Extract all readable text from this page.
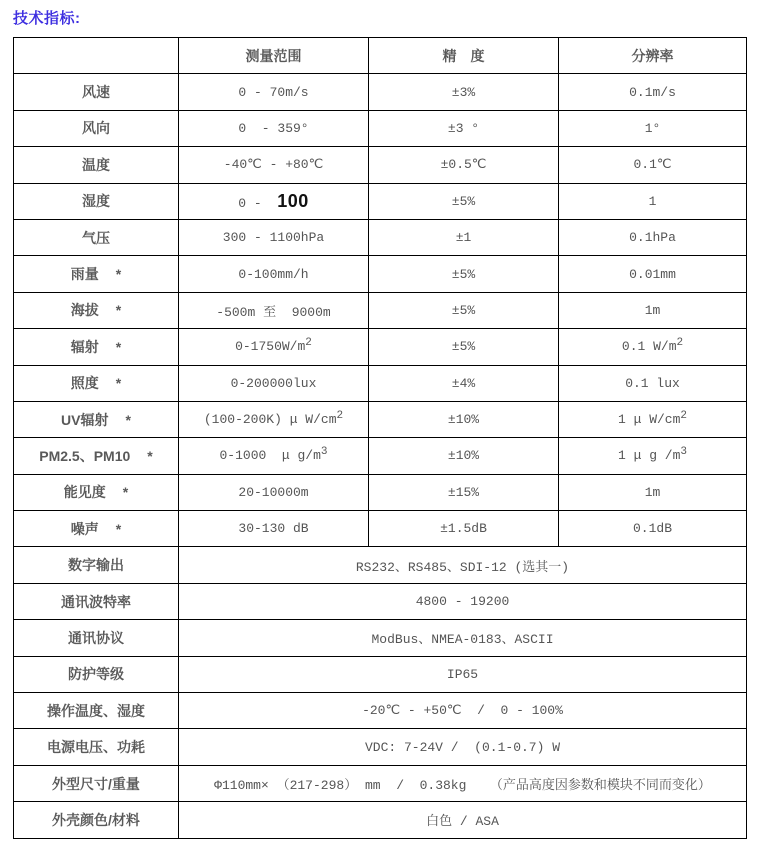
技术指标:
	测量范围	精　度	分辨率
风速	0 - 70m/s	±3%	0.1m/s
风向	0  - 359°	±3 °	1°
温度	-40℃ - +80℃	±0.5℃	0.1℃
湿度	0 -  100	±5%	1
气压	300 - 1100hPa	±1	0.1hPa
雨量 *	0-100mm/h	±5%	0.01mm
海拔 *	-500m 至  9000m	±5%	1m
辐射 *	$0-1750W/m^2$	±5%	0.1 $W/m^2$
照度 *	0-200000lux	±4%	0.1 lux
UV辐射 *	(100-200K) μ $W/cm^2$	±10%	1 μ $W/cm^2$
PM2.5、PM10 *	0-1000  μ $g/m^3$	±10%	1 μ g $/m^3$
能见度 *	20-10000m	±15%	1m
噪声 *	30-130 dB	±1.5dB	0.1dB
数字输出	RS232、RS485、SDI-12 (选其一)		
通讯波特率	4800 - 19200		
通讯协议	ModBus、NMEA-0183、ASCII		
防护等级	IP65		
操作温度、湿度	-20℃ - +50℃  /  0 - 100%		
电源电压、功耗	VDC: 7-24V /  (0.1-0.7) W		
外型尺寸/重量	Φ110mm× （217-298） mm  /  0.38kg   （产品高度因参数和模块不同而变化）		
外壳颜色/材料	白色 / ASA		
